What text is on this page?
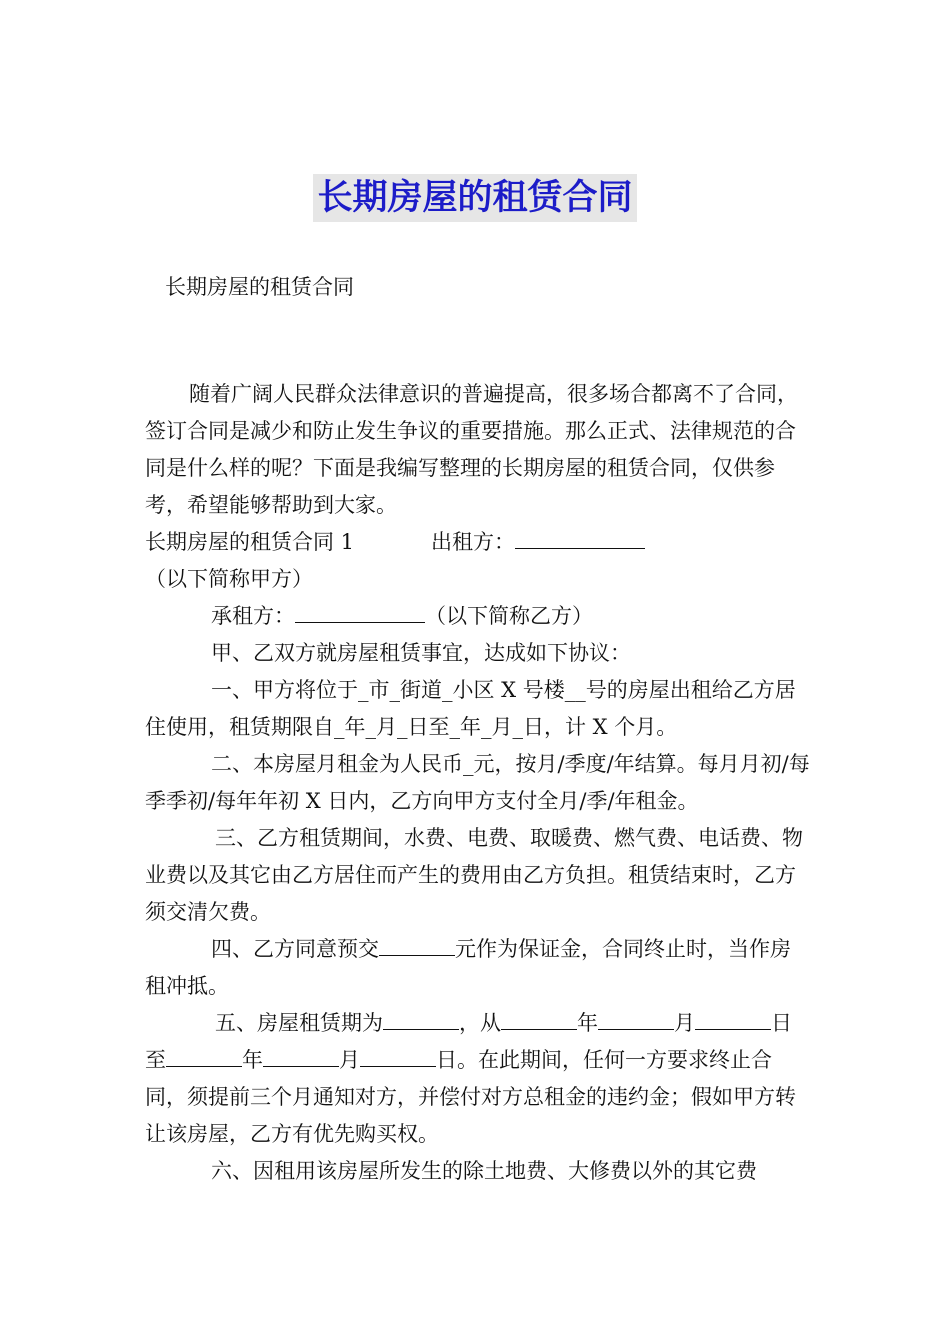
长期房屋的租赁合同
长期房屋的租赁合同

随着广阔人民群众法律意识的普遍提高，很多场合都离不了合同，签订合同是减少和防止发生争议的重要措施。那么正式、法律规范的合同是什么样的呢？下面是我编写整理的长期房屋的租赁合同，仅供参考，希望能够帮助到大家。

长期房屋的租赁合同 1	出租方：（以下简称甲方）

承租方：	（以下简称乙方）

甲、乙双方就房屋租赁事宜，达成如下协议：

一、甲方将位于_市_街道_小区 X 号楼__号的房屋出租给乙方居住使用，租赁期限自_年_月_日至_年_月_日，计 X 个月。

二、本房屋月租金为人民币_元，按月/季度/年结算。每月月初/每季季初/每年年初 X 日内，乙方向甲方支付全月/季/年租金。

三、乙方租赁期间，水费、电费、取暖费、燃气费、电话费、物业费以及其它由乙方居住而产生的费用由乙方负担。租赁结束时，乙方须交清欠费。

四、乙方同意预交	元作为保证金，合同终止时，当作房租冲抵。

五、房屋租赁期为	，从	年	月	日至	年	月	日。在此期间，任何一方要求终止合同，须提前三个月通知对方，并偿付对方总租金的违约金；假如甲方转让该房屋，乙方有优先购买权。

六、因租用该房屋所发生的除土地费、大修费以外的其它费
